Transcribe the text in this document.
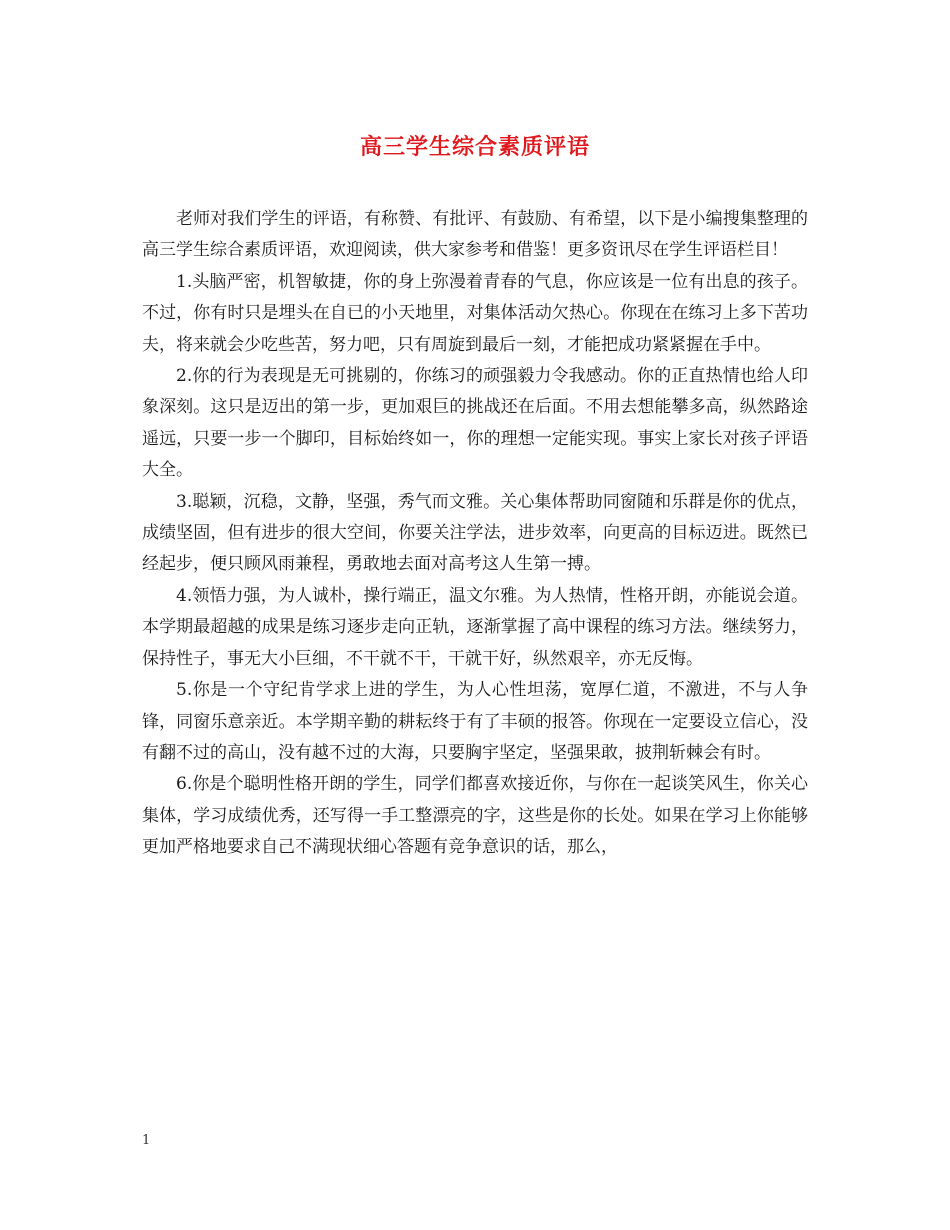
高三学生综合素质评语

老师对我们学生的评语，有称赞、有批评、有鼓励、有希望，以下是小编搜集整理的高三学生综合素质评语，欢迎阅读，供大家参考和借鉴！更多资讯尽在学生评语栏目！

1.头脑严密，机智敏捷，你的身上弥漫着青春的气息，你应该是一位有出息的孩子。不过，你有时只是埋头在自已的小天地里，对集体活动欠热心。你现在在练习上多下苦功夫，将来就会少吃些苦，努力吧，只有周旋到最后一刻，才能把成功紧紧握在手中。

2.你的行为表现是无可挑剔的，你练习的顽强毅力令我感动。你的正直热情也给人印象深刻。这只是迈出的第一步，更加艰巨的挑战还在后面。不用去想能攀多高，纵然路途遥远，只要一步一个脚印，目标始终如一，你的理想一定能实现。事实上家长对孩子评语大全。

3.聪颖，沉稳，文静，坚强，秀气而文雅。关心集体帮助同窗随和乐群是你的优点，成绩坚固，但有进步的很大空间，你要关注学法，进步效率，向更高的目标迈进。既然已经起步，便只顾风雨兼程，勇敢地去面对高考这人生第一搏。

4.领悟力强，为人诚朴，操行端正，温文尔雅。为人热情，性格开朗，亦能说会道。本学期最超越的成果是练习逐步走向正轨，逐渐掌握了高中课程的练习方法。继续努力，保持性子，事无大小巨细，不干就不干，干就干好，纵然艰辛，亦无反悔。

5.你是一个守纪肯学求上进的学生，为人心性坦荡，宽厚仁道，不激进，不与人争锋，同窗乐意亲近。本学期辛勤的耕耘终于有了丰硕的报答。你现在一定要设立信心，没有翻不过的高山，没有越不过的大海，只要胸宇坚定，坚强果敢，披荆斩棘会有时。

6.你是个聪明性格开朗的学生，同学们都喜欢接近你，与你在一起谈笑风生，你关心集体，学习成绩优秀，还写得一手工整漂亮的字，这些是你的长处。如果在学习上你能够更加严格地要求自己不满现状细心答题有竞争意识的话，那么，

1
